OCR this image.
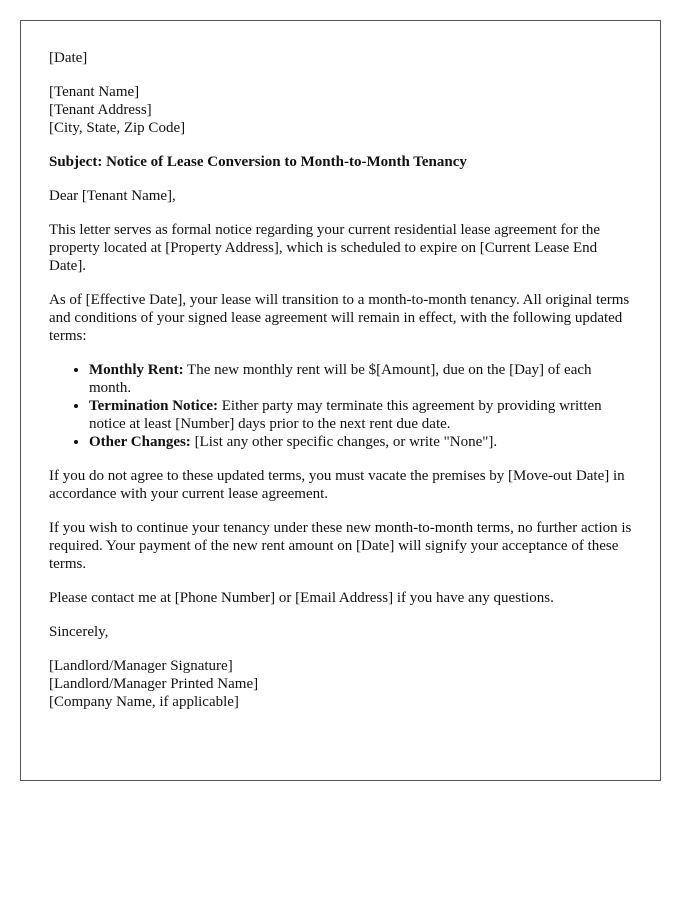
[Date]

[Tenant Name]

[Tenant Address]

[City, State, Zip Code]

Subject: Notice of Lease Conversion to Month-to-Month Tenancy

Dear [Tenant Name],

This letter serves as formal notice regarding your current residential lease agreement for the property located at [Property Address], which is scheduled to expire on [Current Lease End Date].

As of [Effective Date], your lease will transition to a month-to-month tenancy. All original terms and conditions of your signed lease agreement will remain in effect, with the following updated terms:

• Monthly Rent: The new monthly rent will be $[Amount], due on the [Day] of each month.
• Termination Notice: Either party may terminate this agreement by providing written notice at least [Number] days prior to the next rent due date.
• Other Changes: [List any other specific changes, or write "None"].

If you do not agree to these updated terms, you must vacate the premises by [Move-out Date] in accordance with your current lease agreement.

If you wish to continue your tenancy under these new month-to-month terms, no further action is required. Your payment of the new rent amount on [Date] will signify your acceptance of these terms.

Please contact me at [Phone Number] or [Email Address] if you have any questions.

Sincerely,

[Landlord/Manager Signature]

[Landlord/Manager Printed Name]

[Company Name, if applicable]
